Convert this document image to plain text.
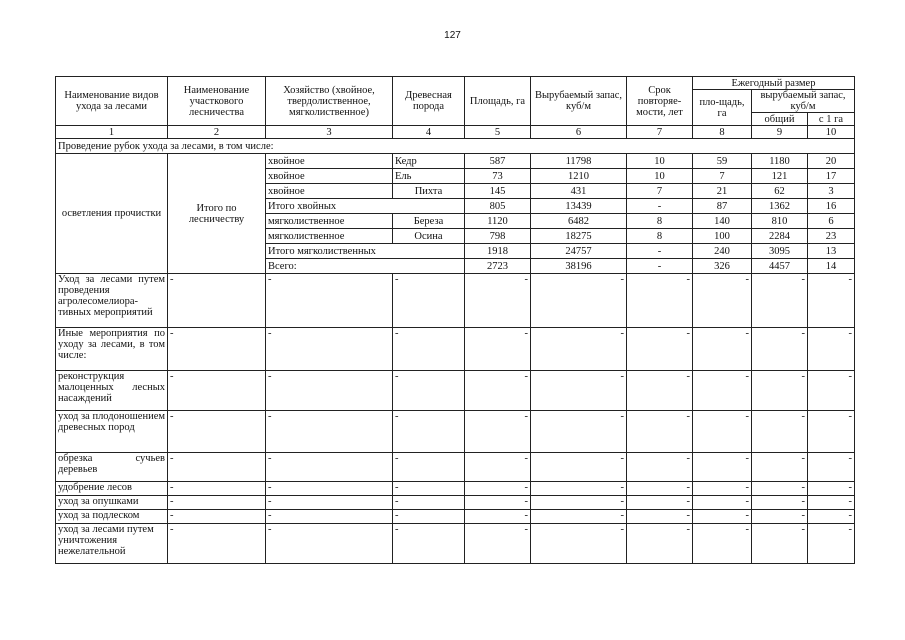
127
Наименование видов ухода за лесами	Наименование участкового лесничества	Хозяйство (хвойное, твердолиственное, мягколиственное)	Древесная порода	Площадь, га	Вырубаемый запас, куб/м	Срок повторяе-мости, лет	Ежегодный размер		
							пло-щадь, га	вырубаемый запас, куб/м	
								общий	с 1 га
1	2	3	4	5	6	7	8	9	10
Проведение рубок ухода за лесами, в том числе:									
осветления прочистки	Итого по лесничеству	хвойное	Кедр	587	11798	10	59	1180	20
		хвойное	Ель	73	1210	10	7	121	17
		хвойное	Пихта	145	431	7	21	62	3
		Итого хвойных		805	13439	-	87	1362	16
		мягколиственное	Береза	1120	6482	8	140	810	6
		мягколиственное	Осина	798	18275	8	100	2284	23
		Итого мягколиственных		1918	24757	-	240	3095	13
		Всего:		2723	38196	-	326	4457	14
Уход за лесами путем проведения агролесомелиора-тивных мероприятий	-	-	-	-	-	-	-	-	-
Иные мероприятия по уходу за лесами, в том числе:	-	-	-	-	-	-	-	-	-
реконструкция малоценных лесных насаждений	-	-	-	-	-	-	-	-	-
уход за плодоношением древесных пород	-	-	-	-	-	-	-	-	-
обрезка сучьев деревьев	-	-	-	-	-	-	-	-	-
удобрение лесов	-	-	-	-	-	-	-	-	-
уход за опушками	-	-	-	-	-	-	-	-	-
уход за подлеском	-	-	-	-	-	-	-	-	-
уход за лесами путем уничтожения нежелательной	-	-	-	-	-	-	-	-	-
